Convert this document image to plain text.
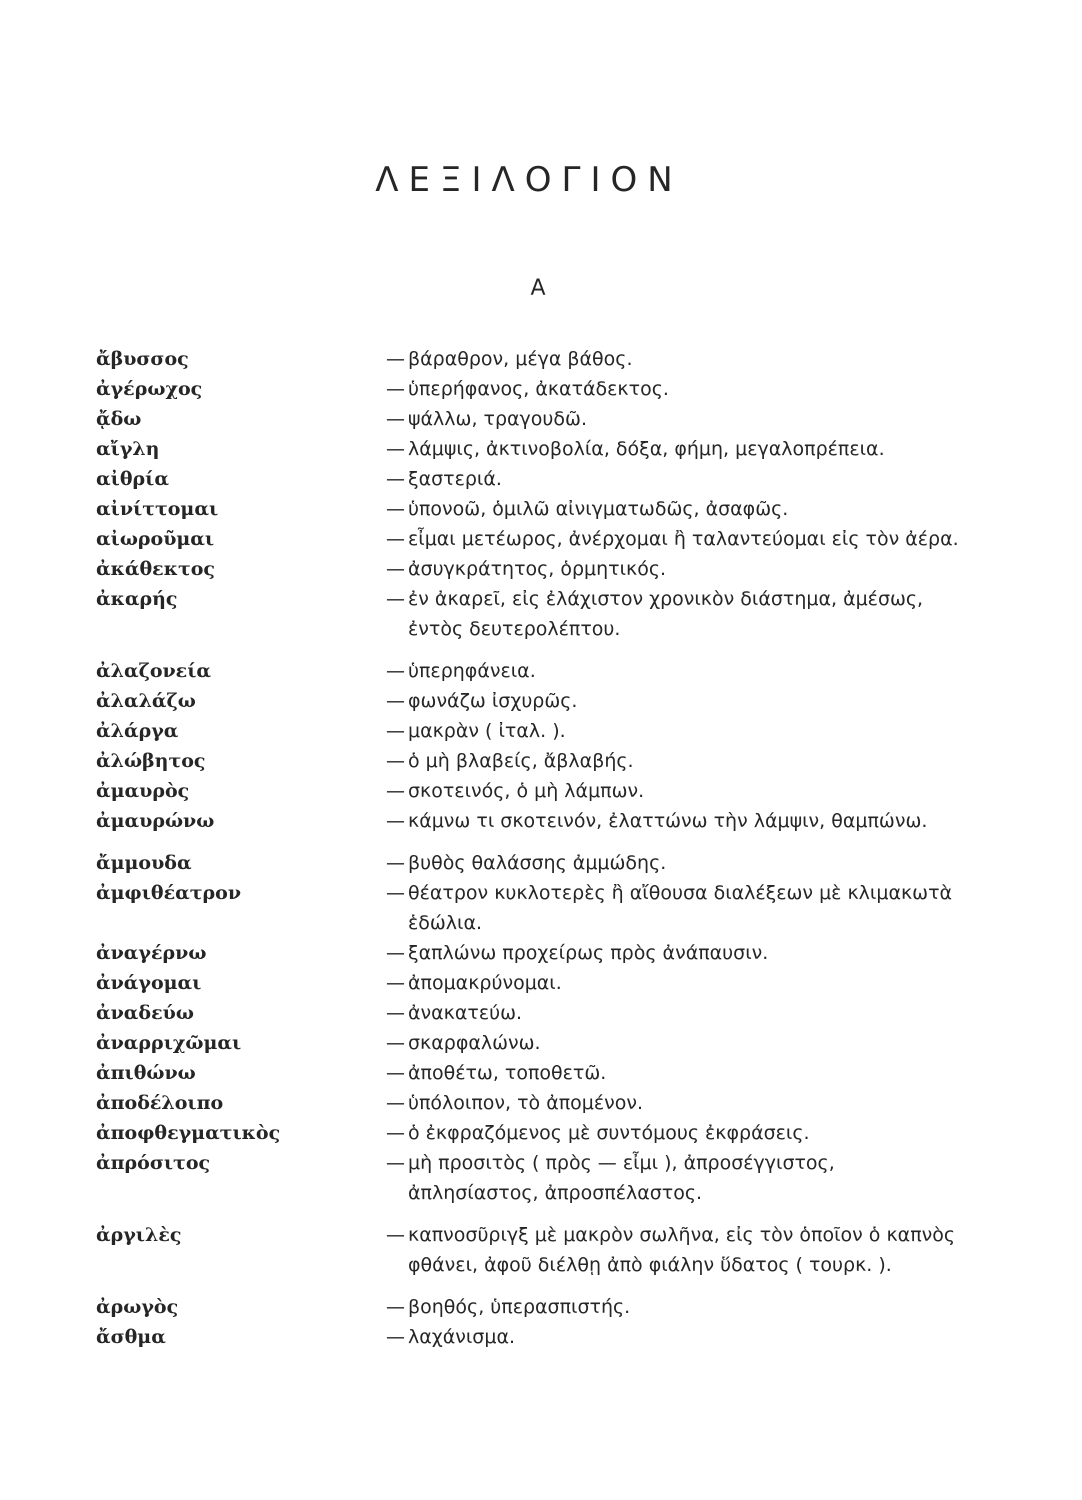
ΛΕΞΙΛΟΓΙΟΝ
Α
ἄβυσσος	— βάραθρον, μέγα βάθος.
ἀγέρωχος	— ὑπερήφανος, ἀκατάδεκτος.
ᾄδω	— ψάλλω, τραγουδῶ.
αἴγλη	— λάμψις, ἀκτινοβολία, δόξα, φήμη, μεγαλοπρέπεια.
αἰθρία	— ξαστεριά.
αἰνίττομαι	— ὑπονοῶ, ὁμιλῶ αἰνιγματωδῶς, ἀσαφῶς.
αἰωροῦμαι	— εἶμαι μετέωρος, ἀνέρχομαι ἢ ταλαντεύομαι εἰς τὸν ἀέρα.
ἀκάθεκτος	— ἀσυγκράτητος, ὁρμητικός.
ἀκαρής	— ἐν ἀκαρεῖ, εἰς ἐλάχιστον χρονικὸν διάστημα, ἀμέσως, ἐντὸς δευτερολέπτου.
ἀλαζονεία	— ὑπερηφάνεια.
ἀλαλάζω	— φωνάζω ἰσχυρῶς.
ἀλάργα	— μακρὰν ( ἰταλ. ).
ἀλώβητος	— ὁ μὴ βλαβείς, ἄβλαβής.
ἀμαυρὸς	— σκοτεινός, ὁ μὴ λάμπων.
ἀμαυρώνω	— κάμνω τι σκοτεινόν, ἐλαττώνω τὴν λάμψιν, θαμπώνω.
ἄμμουδα	— βυθὸς θαλάσσης ἀμμώδης.
ἀμφιθέατρον	— θέατρον κυκλοτερὲς ἢ αἴθουσα διαλέξεων μὲ κλιμακωτὰ ἑδώλια.
ἀναγέρνω	— ξαπλώνω προχείρως πρὸς ἀνάπαυσιν.
ἀνάγομαι	— ἀπομακρύνομαι.
ἀναδεύω	— ἀνακατεύω.
ἀναρριχῶμαι	— σκαρφαλώνω.
ἀπιθώνω	— ἀποθέτω, τοποθετῶ.
ἀποδέλοιπο	— ὑπόλοιπον, τὸ ἀπομένον.
ἀποφθεγματικὸς	— ὁ ἐκφραζόμενος μὲ συντόμους ἐκφράσεις.
ἀπρόσιτος	— μὴ προσιτὸς ( πρὸς — εἶμι ), ἀπροσέγγιστος, ἀπλησίαστος, ἀπροσπέλαστος.
ἀργιλὲς	— καπνοσῦριγξ μὲ μακρὸν σωλῆνα, εἰς τὸν ὁποῖον ὁ καπνὸς φθάνει, ἀφοῦ διέλθῃ ἀπὸ φιάλην ὕδατος ( τουρκ. ).
ἀρωγὸς	— βοηθός, ὑπερασπιστής.
ἄσθμα	— λαχάνισμα.
